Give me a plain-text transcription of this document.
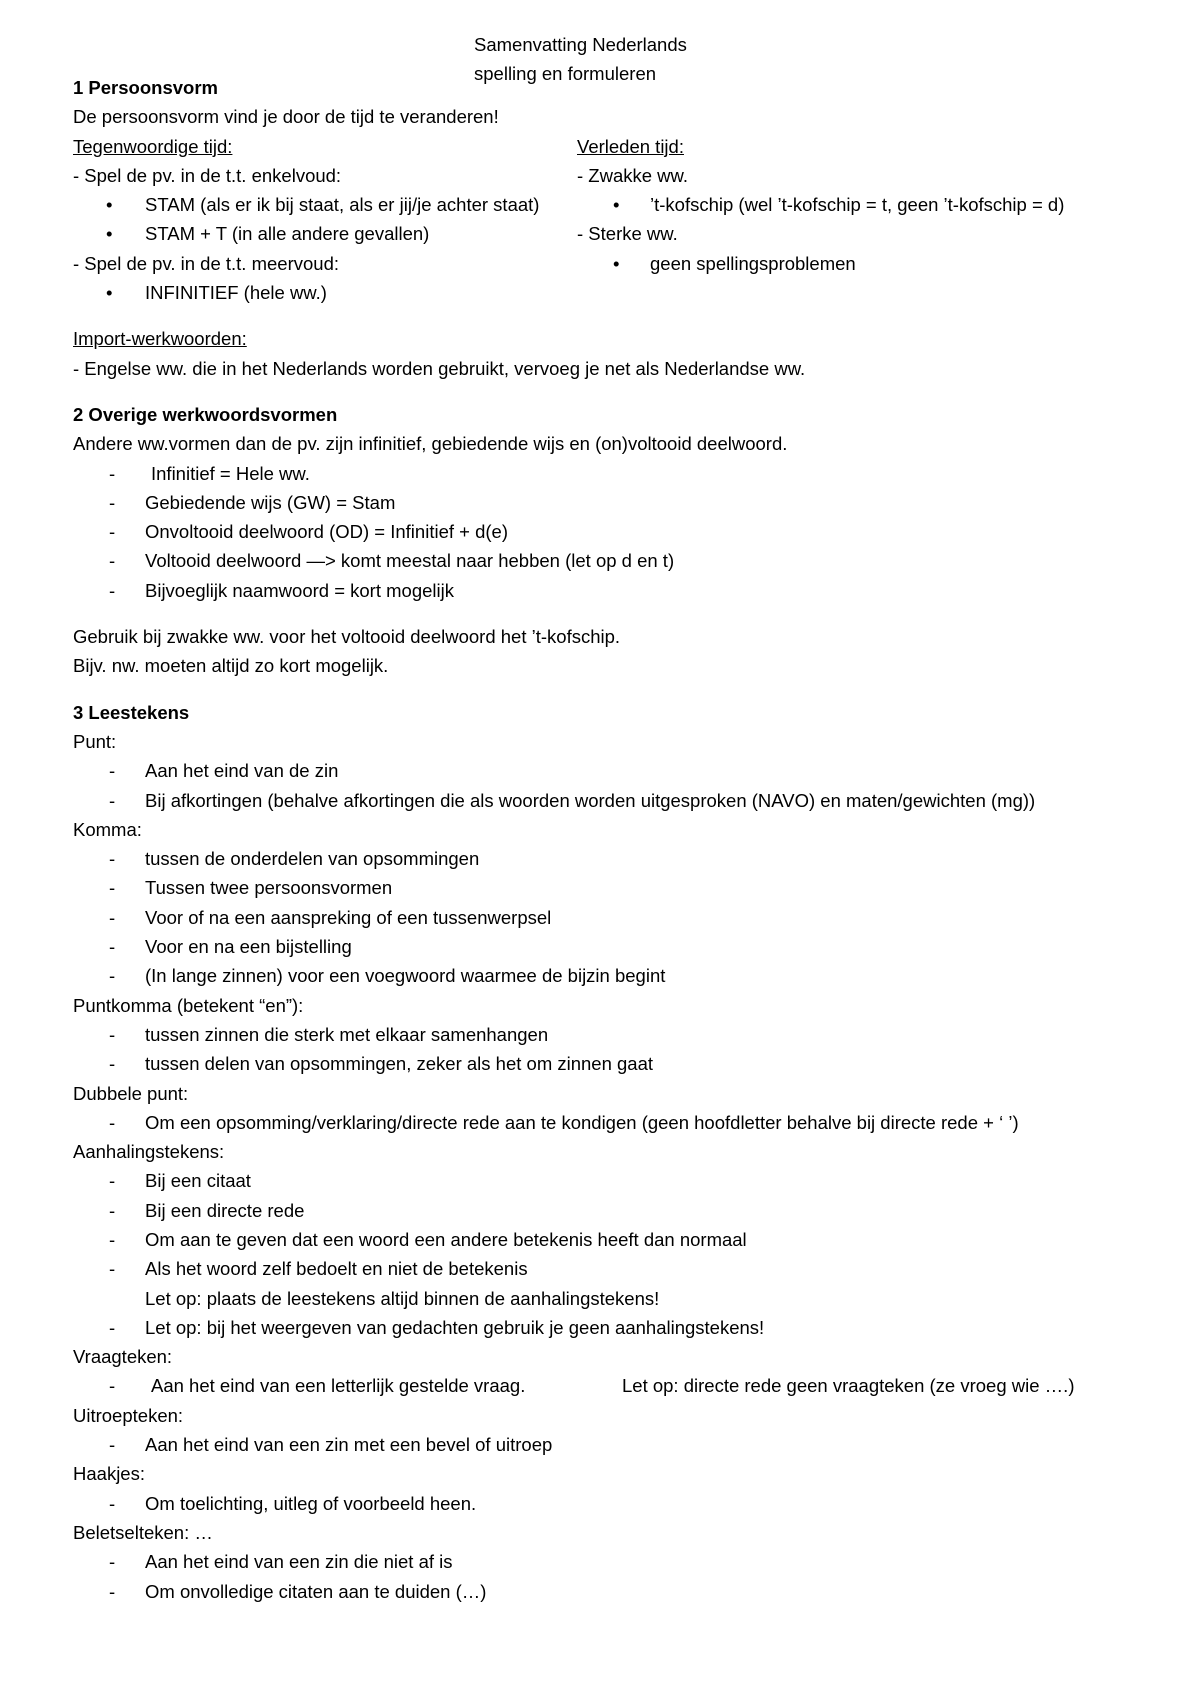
Samenvatting Nederlands
spelling en formuleren
1 Persoonsvorm
De persoonsvorm vind je door de tijd te veranderen!
Tegenwoordige tijd:	Verleden tijd:
- Spel de pv. in de t.t. enkelvoud:	- Zwakke ww.
• STAM (als er ik bij staat, als er jij/je achter staat)	• ’t-kofschip (wel ’t-kofschip = t, geen ’t-kofschip = d)
• STAM + T (in alle andere gevallen)	- Sterke ww.
- Spel de pv. in de t.t. meervoud:	• geen spellingsproblemen
• INFINITIEF (hele ww.)
Import-werkwoorden:
- Engelse ww. die in het Nederlands worden gebruikt, vervoeg je net als Nederlandse ww.
2 Overige werkwoordsvormen
Andere ww.vormen dan de pv. zijn infinitief, gebiedende wijs en (on)voltooid deelwoord.
- Infinitief = Hele ww.
- Gebiedende wijs (GW) = Stam
- Onvoltooid deelwoord (OD) = Infinitief + d(e)
- Voltooid deelwoord —> komt meestal naar hebben (let op d en t)
- Bijvoeglijk naamwoord = kort mogelijk
Gebruik bij zwakke ww. voor het voltooid deelwoord het ’t-kofschip.
Bijv. nw. moeten altijd zo kort mogelijk.
3 Leestekens
Punt:
- Aan het eind van de zin
- Bij afkortingen (behalve afkortingen die als woorden worden uitgesproken (NAVO) en maten/gewichten (mg))
Komma:
- tussen de onderdelen van opsommingen
- Tussen twee persoonsvormen
- Voor of na een aanspreking of een tussenwerpsel
- Voor en na een bijstelling
- (In lange zinnen) voor een voegwoord waarmee de bijzin begint
Puntkomma (betekent “en”):
- tussen zinnen die sterk met elkaar samenhangen
- tussen delen van opsommingen, zeker als het om zinnen gaat
Dubbele punt:
- Om een opsomming/verklaring/directe rede aan te kondigen (geen hoofdletter behalve bij directe rede + ‘ ’)
Aanhalingstekens:
- Bij een citaat
- Bij een directe rede
- Om aan te geven dat een woord een andere betekenis heeft dan normaal
- Als het woord zelf bedoelt en niet de betekenis
Let op: plaats de leestekens altijd binnen de aanhalingstekens!
- Let op: bij het weergeven van gedachten gebruik je geen aanhalingstekens!
Vraagteken:
- Aan het eind van een letterlijk gestelde vraag.	Let op: directe rede geen vraagteken (ze vroeg wie ….)
Uitroepteken:
- Aan het eind van een zin met een bevel of uitroep
Haakjes:
- Om toelichting, uitleg of voorbeeld heen.
Beletselteken: …
- Aan het eind van een zin die niet af is
- Om onvolledige citaten aan te duiden (…)
